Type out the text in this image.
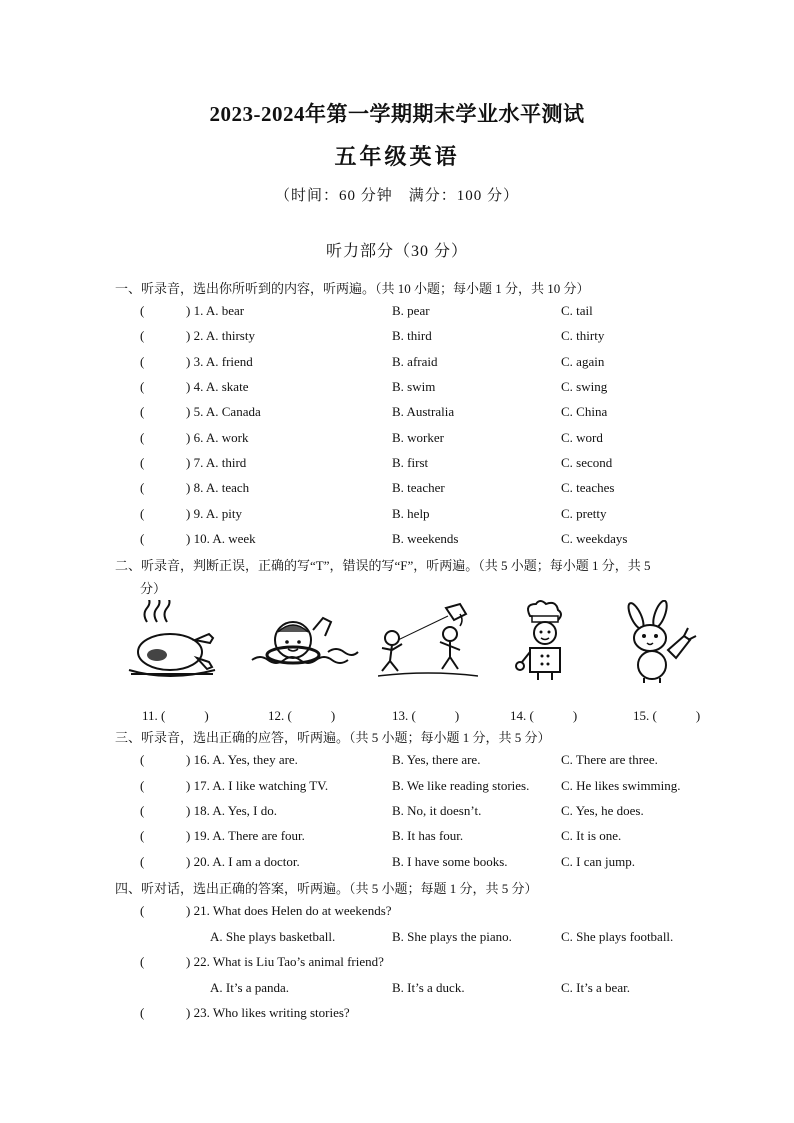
2023-2024年第一学期期末学业水平测试
五年级英语
（时间：60 分钟　满分：100 分）
听力部分（30 分）
一、听录音，选出你所听到的内容，听两遍。（共 10 小题；每小题 1 分，共 10 分）
(	) 1. A. bear	B. pear	C. tail
(	) 2. A. thirsty	B. third	C. thirty
(	) 3. A. friend	B. afraid	C. again
(	) 4. A. skate	B. swim	C. swing
(	) 5. A. Canada	B. Australia	C. China
(	) 6. A. work	B. worker	C. word
(	) 7. A. third	B. first	C. second
(	) 8. A. teach	B. teacher	C. teaches
(	) 9. A. pity	B. help	C. pretty
(	) 10. A. week	B. weekends	C. weekdays
二、听录音，判断正误，正确的写“T”，错误的写“F”，听两遍。（共 5 小题；每小题 1 分，共 5
分）
11. (　　　)	12. (　　　)	13. (　　　)	14. (　　　)	15. (　　　)
三、听录音，选出正确的应答，听两遍。（共 5 小题；每小题 1 分，共 5 分）
(	) 16. A. Yes, they are.	B. Yes, there are.	C. There are three.
(	) 17. A. I like watching TV.	B. We like reading stories. C. He likes swimming.
(	) 18. A. Yes, I do.	B. No, it doesn’t.	C. Yes, he does.
(	) 19. A. There are four.	B. It has four.	C. It is one.
(	) 20. A. I am a doctor.	B. I have some books.	C. I can jump.
四、听对话，选出正确的答案，听两遍。（共 5 小题；每题 1 分，共 5 分）
(	) 21. What does Helen do at weekends?
A. She plays basketball.	B. She plays the piano.	C. She plays football.
(	) 22. What is Liu Tao’s animal friend?
A. It’s a panda.	B. It’s a duck.	C. It’s a bear.
(	) 23. Who likes writing stories?
